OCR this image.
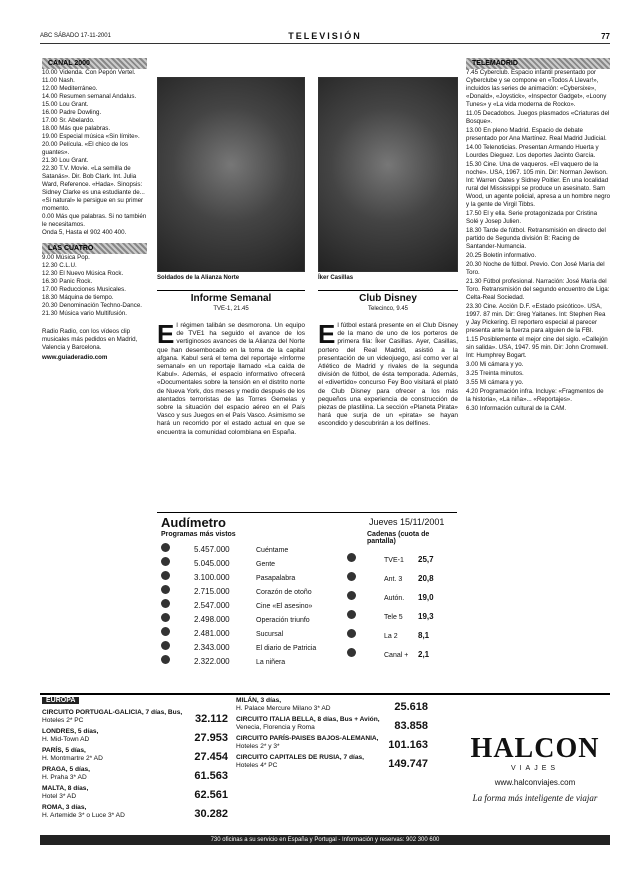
ABC SÁBADO 17-11-2001	TELEVISIÓN	77
CANAL 2000
10.00 Videnda. Con Pepón Vertel.
11.00 Nash.
12.00 Mediterráneo.
14.00 Resumen semanal Andalus.
15.00 Lou Grant.
16.00 Padre Dowling.
17.00 Sr. Abelardo.
18.00 Más que palabras.
19.00 Especial música «Sin límite».
20.00 Película. «El chico de los guantes».
21.30 Lou Grant.
22.30 T.V. Movie. «La semilla de Satanás». Dir. Bob Clark. Int. Julia Ward, Reference. «Hada». Sinopsis: Sidney Clarke es una estudiante de... «Si natural» le persigue en su primer momento.
0.00 Más que palabras. Si no también le necesitamos.
Onda 5, Hasta el 902 400 400.
LAS CUATRO
9.00 Música Pop.
12.30 C.L.U.
12.30 El Nuevo Música Rock.
16.30 Panic Rock.
17.00 Reducciones Musicales.
18.30 Máquina de tiempo.
20.30 Denominación Techno-Dance.
21.30 Música vario Multifusión.
Radio Radio, con los vídeos clip musicales más pedidos en Madrid, Valencia y Barcelona.
www.guiaderadio.com
Soldados de la Alianza Norte	Íker Casillas
Informe Semanal
TVE-1, 21.45
Club Disney
Telecinco, 9.45
El régimen talibán se desmorona. Un equipo de TVE1 ha seguido el avance de los vertiginosos avances de la Alianza del Norte que han desembocado en la toma de la capital afgana. Kabul será el tema del reportaje «Informe semanal» en un reportaje llamado «La caída de Kabul». Además, el espacio informativo ofrecerá «Documentales sobre la tensión en el distrito norte de Nueva York, dos meses y medio después de los atentados terroristas de las Torres Gemelas y sobre la situación del espacio aéreo en el País Vasco y sus Juegos en el País Vasco. Asimismo se hará un recorrido por el estado actual en que se encuentra la comunidad colombiana en España.
El fútbol estará presente en el Club Disney de la mano de uno de los porteros de primera fila: Íker Casillas. Ayer, Casillas, portero del Real Madrid, asistió a la presentación de un videojuego, así como ver al Atlético de Madrid y rivales de la segunda división de fútbol, de ésta temporada. Además, el «divertido» concurso Fey Boo visitará el plató de Club Disney para ofrecer a los más pequeños una experiencia de construcción de piezas de plastilina. La sección «Planeta Pirata» hará que surja de un «pirata» se hayan escondido y descubrirán a los delfines.
Audímetro	Jueves 15/11/2001
Programas más vistos	Cadenas (cuota de pantalla)
5.457.000	Cuéntame
5.045.000	Gente
3.100.000	Pasapalabra
2.715.000	Corazón de otoño
2.547.000	Cine «El asesino»
2.498.000	Operación triunfo
2.481.000	Sucursal
2.343.000	El diario de Patricia
2.322.000	La niñera
TVE-1 25,7
Ant. 3 20,8
Autón. 19,0
Tele 5 19,3
La 2	8,1
Canal + 2,1
TELEMADRID
7.45 Cyberclub. Espacio infantil presentado por Cyberclube y se compone en «Todos A Llevar!», incluidos las series de animación: «Cybersixe», «Donald», «Joystick», «Inspector Gadget», «Loony Tunes» y «La vida moderna de Rocko».
11.05 Decadobos. Juegos plasmados «Criaturas del Bosque».
13.00 En pleno Madrid. Espacio de debate presentado por Ana Martínez. Real Madrid Judicial.
14.00 Telenoticias. Presentan Armando Huerta y Lourdes Dieguez. Los deportes Jacinto García.
15.30 Cine. Una de vaqueros. «El vaquero de la noche». USA, 1967. 105 min. Dir: Norman Jewison. Int: Warren Oates y Sidney Poitier. En una localidad rural del Mississippi se produce un asesinato. Sam Wood, un agente policial, apresa a un hombre negro y la gente de Virgil Tibbs.
17.50 El y ella. Serie protagonizada por Cristina Solé y Josep Julien.
18.30 Tarde de fútbol. Retransmisión en directo del partido de Segunda división B: Racing de Santander-Numancia.
20.25 Boletín informativo.
20.30 Noche de fútbol. Previo. Con José María del Toro.
21.30 Fútbol profesional. Narración: José María del Toro. Retransmisión del segundo encuentro de Liga: Celta-Real Sociedad.
23.30 Cine. Acción D.F. «Estado psicótico». USA, 1997. 87 min. Dir: Greg Yaitanes. Int: Stephen Rea y Jay Pickering. El reportero especial al parecer presenta ante la fuerza para alguien de la FBI.
1.15 Posiblemente el mejor cine del siglo. «Callejón sin salida». USA, 1947. 95 min. Dir: John Cromwell. Int: Humphrey Bogart.
3.00 Mi cámara y yo.
3.25 Treinta minutos.
3.55 Mi cámara y yo.
4.20 Programación infra. Incluye: «Fragmentos de la historia», «La niña»... «Reportajes».
6.30 Información cultural de la CAM.
EUROPA
CIRCUITO PORTUGAL-GALICIA, 7 días, Bus,
Hoteles 2* PC	32.112
LONDRES, 5 días,
H. Mid-Town AD	27.953
PARÍS, 5 días,
H. Montmartre 2* AD	27.454
PRAGA, 5 días,
H. Praha 3* AD	61.563
MALTA, 8 días,
Hotel 3* AD	62.561
ROMA, 3 días,
H. Artemide 3* o Luce 3* AD	30.282
MILÁN, 3 días,
H. Palace Mercure Milano 3* AD	25.618
CIRCUITO ITALIA BELLA, 8 días, Bus + Avión,
Venecia, Florencia y Roma	83.858
CIRCUITO PARÍS-PAISES BAJOS-ALEMANIA,
Hoteles 2* y 3*	101.163
CIRCUITO CAPITALES DE RUSIA, 7 días,
Hoteles 4* PC	149.747	HALCON
VIAJES
www.halconviajes.com
La forma más inteligente de viajar
730 oficinas a su servicio en España y Portugal - Información y reservas: 902 300 600
